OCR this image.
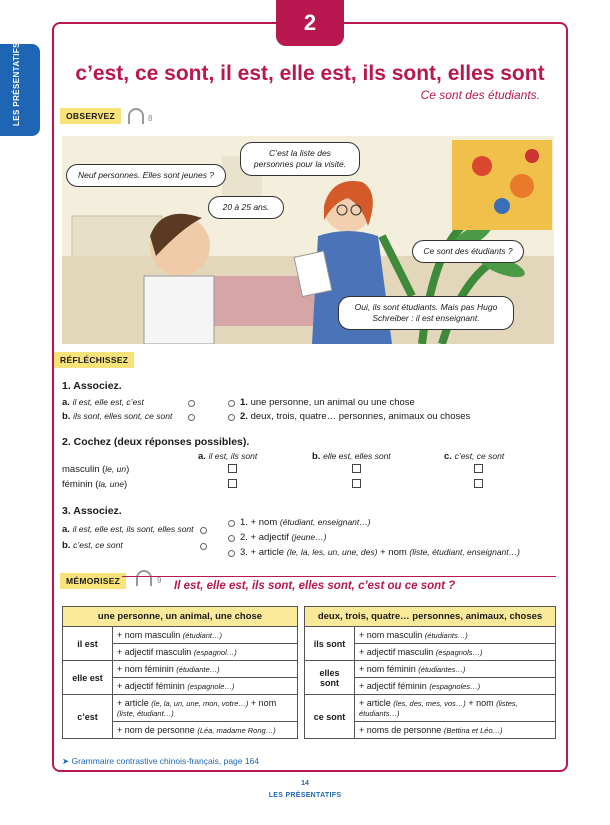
2
LES PRÉSENTATIFS (2)	c’est, ce sont, il est, elle est, ils sont, elles sont
Ce sont des étudiants.
OBSERVEZ	8
C’est la liste des personnes pour la visite.
Neuf personnes. Elles sont jeunes ?
20 à 25 ans.
Ce sont des étudiants ?
Oui, ils sont étudiants. Mais pas Hugo Schreiber : il est enseignant.
RÉFLÉCHISSEZ
1. Associez.
a. il est, elle est, c’est
b. ils sont, elles sont, ce sont
1. une personne, un animal ou une chose
2. deux, trois, quatre… personnes, animaux ou choses
2. Cochez (deux réponses possibles).
a. il est, ils sont	b. elle est, elles sont	c. c’est, ce sont
masculin (le, un)
féminin (la, une)
3. Associez.
a. il est, elle est, ils sont, elles sont
b. c’est, ce sont
1. + nom (étudiant, enseignant…)
2. + adjectif (jeune…)
3. + article (le, la, les, un, une, des) + nom (liste, étudiant, enseignant…)
MÉMORISEZ	9 Il est, elle est, ils sont, elles sont, c’est ou ce sont ?
une personne, un animal, une chose	
il est	+ nom masculin (étudiant…)
	+ adjectif masculin (espagnol…)
elle est	+ nom féminin (étudiante…)
	+ adjectif féminin (espagnole…)
c’est	+ article (le, la, un, une, mon, votre…) + nom (liste, étudiant…)
	+ nom de personne (Léa, madame Rong…)
deux, trois, quatre… personnes, animaux, choses	
ils sont	+ nom masculin (étudiants…)
	+ adjectif masculin (espagnols…)
elles sont	+ nom féminin (étudiantes…)
	+ adjectif féminin (espagnoles…)
ce sont	+ article (les, des, mes, vos…) + nom (listes, étudiants…)
	+ noms de personne (Bettina et Léo…)
➤ Grammaire contrastive chinois-français, page 164
14
LES PRÉSENTATIFS
